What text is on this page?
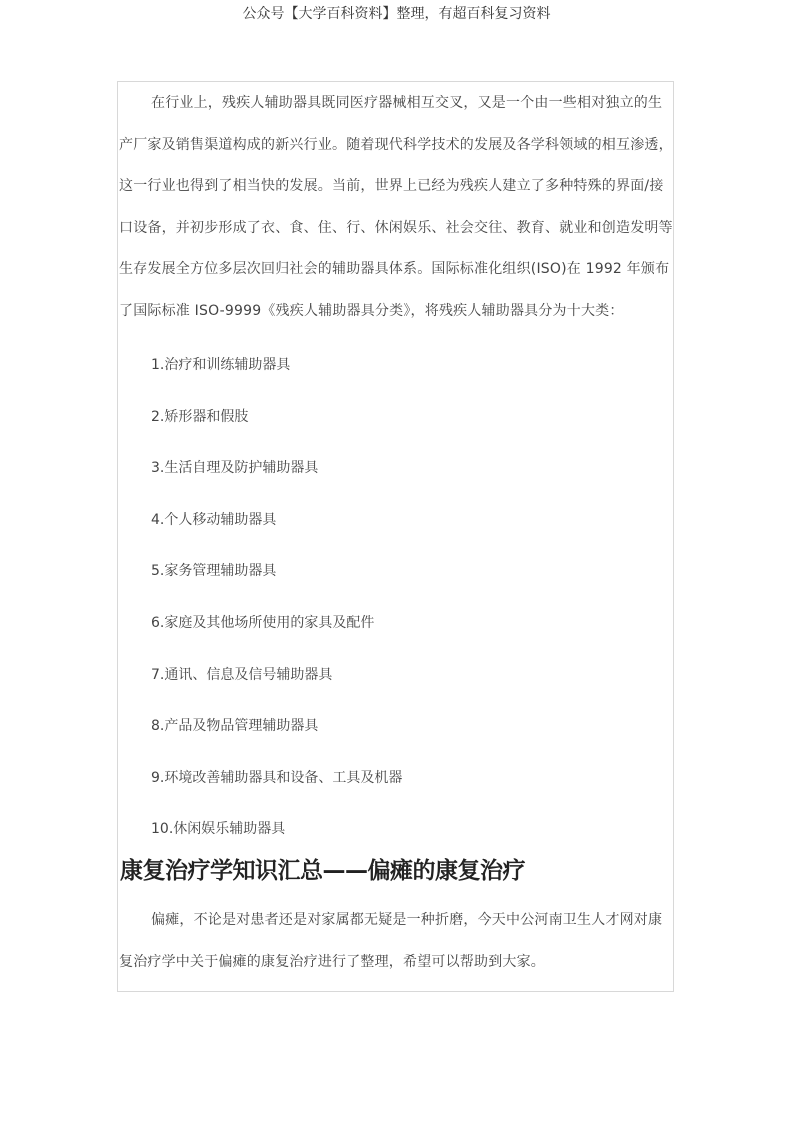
公众号【大学百科资料】整理，有超百科复习资料

在行业上，残疾人辅助器具既同医疗器械相互交叉，又是一个由一些相对独立的生产厂家及销售渠道构成的新兴行业。随着现代科学技术的发展及各学科领域的相互渗透，这一行业也得到了相当快的发展。当前，世界上已经为残疾人建立了多种特殊的界面/接口设备，并初步形成了衣、食、住、行、休闲娱乐、社会交往、教育、就业和创造发明等生存发展全方位多层次回归社会的辅助器具体系。国际标准化组织(ISO)在 1992 年颁布了国际标准 ISO-9999《残疾人辅助器具分类》，将残疾人辅助器具分为十大类：

1.治疗和训练辅助器具
2.矫形器和假肢
3.生活自理及防护辅助器具
4.个人移动辅助器具
5.家务管理辅助器具
6.家庭及其他场所使用的家具及配件
7.通讯、信息及信号辅助器具
8.产品及物品管理辅助器具
9.环境改善辅助器具和设备、工具及机器
10.休闲娱乐辅助器具
康复治疗学知识汇总——偏瘫的康复治疗

偏瘫，不论是对患者还是对家属都无疑是一种折磨，今天中公河南卫生人才网对康复治疗学中关于偏瘫的康复治疗进行了整理，希望可以帮助到大家。
